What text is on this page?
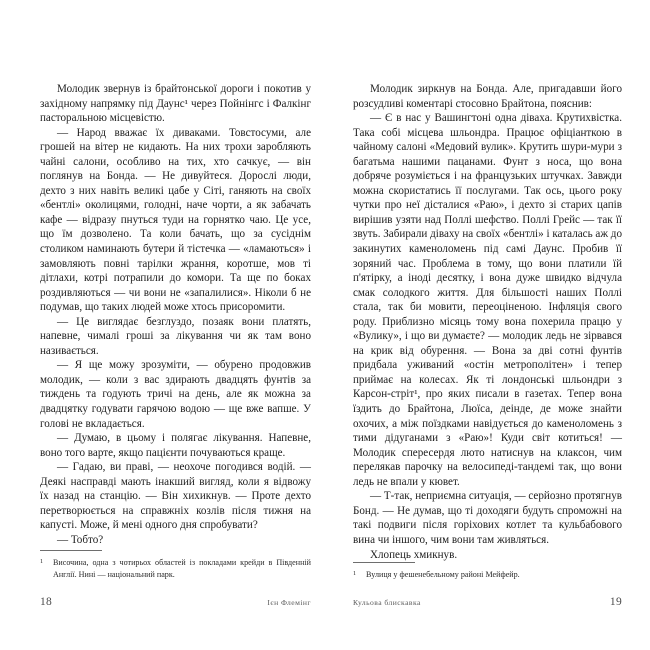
Молодик звернув із брайтонської дороги і покотив у західному напрямку під Даунс¹ через Пойнінгс і Фалкінг пасторальною місцевістю.

— Народ вважає їх диваками. Товстосуми, але грошей на вітер не кидають. На них трохи заробляють чайні салони, особливо на тих, хто сачкує, — він поглянув на Бонда. — Не дивуйтеся. Дорослі люди, дехто з них навіть великі цабе у Сіті, ганяють на своїх «бентлі» околицями, голодні, наче чорти, а як забачать кафе — відразу пнуться туди на горнятко чаю. Це усе, що їм дозволено. Та коли бачать, що за сусіднім столиком наминають бутери й тістечка — «ламаються» і замовляють повні тарілки жрання, коротше, мов ті дітлахи, котрі потрапили до комори. Та ще по боках роздивляються — чи вони не «запалилися». Ніколи б не подумав, що таких людей може хтось присоромити.

— Це виглядає безглуздо, позаяк вони платять, напевне, чималі гроші за лікування чи як там воно називається.

— Я ще можу зрозуміти, — обурено продовжив молодик, — коли з вас здирають двадцять фунтів за тиждень та годують тричі на день, але як можна за двадцятку годувати гарячою водою — ще вже вапше. У голові не вкладається.

— Думаю, в цьому і полягає лікування. Напевне, воно того варте, якщо пацієнти почуваються краще.

— Гадаю, ви праві, — неохоче погодився водій. — Деякі насправді мають інакший вигляд, коли я відвожу їх назад на станцію. — Він хихикнув. — Проте дехто перетворюється на справжніх козлів після тижня на капусті. Може, й мені одного дня спробувати?

— Тобто?

1	Височина, одна з чотирьох областей із покладами крейди в Південній Англії. Нині — національний парк.
18	Ієн Флемінг

Молодик зиркнув на Бонда. Але, пригадавши його розсудливі коментарі стосовно Брайтона, пояснив:

— Є в нас у Вашингтоні одна діваха. Крутихвістка. Така собі місцева шльондра. Працює офіціанткою в чайному салоні «Медовий вулик». Крутить шури-мури з багатьма нашими пацанами. Фунт з носа, що вона добряче розуміється і на французьких штучках. Завжди можна скористатись її послугами. Так ось, цього року чутки про неї дісталися «Раю», і дехто зі старих цапів вирішив узяти над Поллі шефство. Поллі Грейс — так її звуть. Забирали діваху на своїх «бентлі» і каталась аж до закинутих каменоломень під самі Даунс. Пробив її зоряний час. Проблема в тому, що вони платили їй п'ятірку, а іноді десятку, і вона дуже швидко відчула смак солодкого життя. Для більшості наших Поллі стала, так би мовити, переоціненою. Інфляція свого роду. Приблизно місяць тому вона похерила працю у «Вулику», і що ви думаєте? — молодик ледь не зірвався на крик від обурення. — Вона за дві сотні фунтів придбала уживаний «остін метрополітен» і тепер приймає на колесах. Як ті лондонські шльондри з Карсон-стріт¹, про яких писали в газетах. Тепер вона їздить до Брайтона, Люїса, деінде, де може знайти охочих, а між поїздками навідується до каменоломень з тими дідуганами з «Раю»! Куди світ котиться! — Молодик спересердя люто натиснув на клаксон, чим перелякав парочку на велосипеді-тандемі так, що вони ледь не впали у кювет.

— Т-так, неприємна ситуація, — серйозно протягнув Бонд. — Не думав, що ті доходяги будуть спроможні на такі подвиги після горіхових котлет та кульбабового вина чи іншого, чим вони там живляться.

Хлопець хмикнув.

1	Вулиця у фешенебельному районі Мейфейр.
Кульова блискавка	19
